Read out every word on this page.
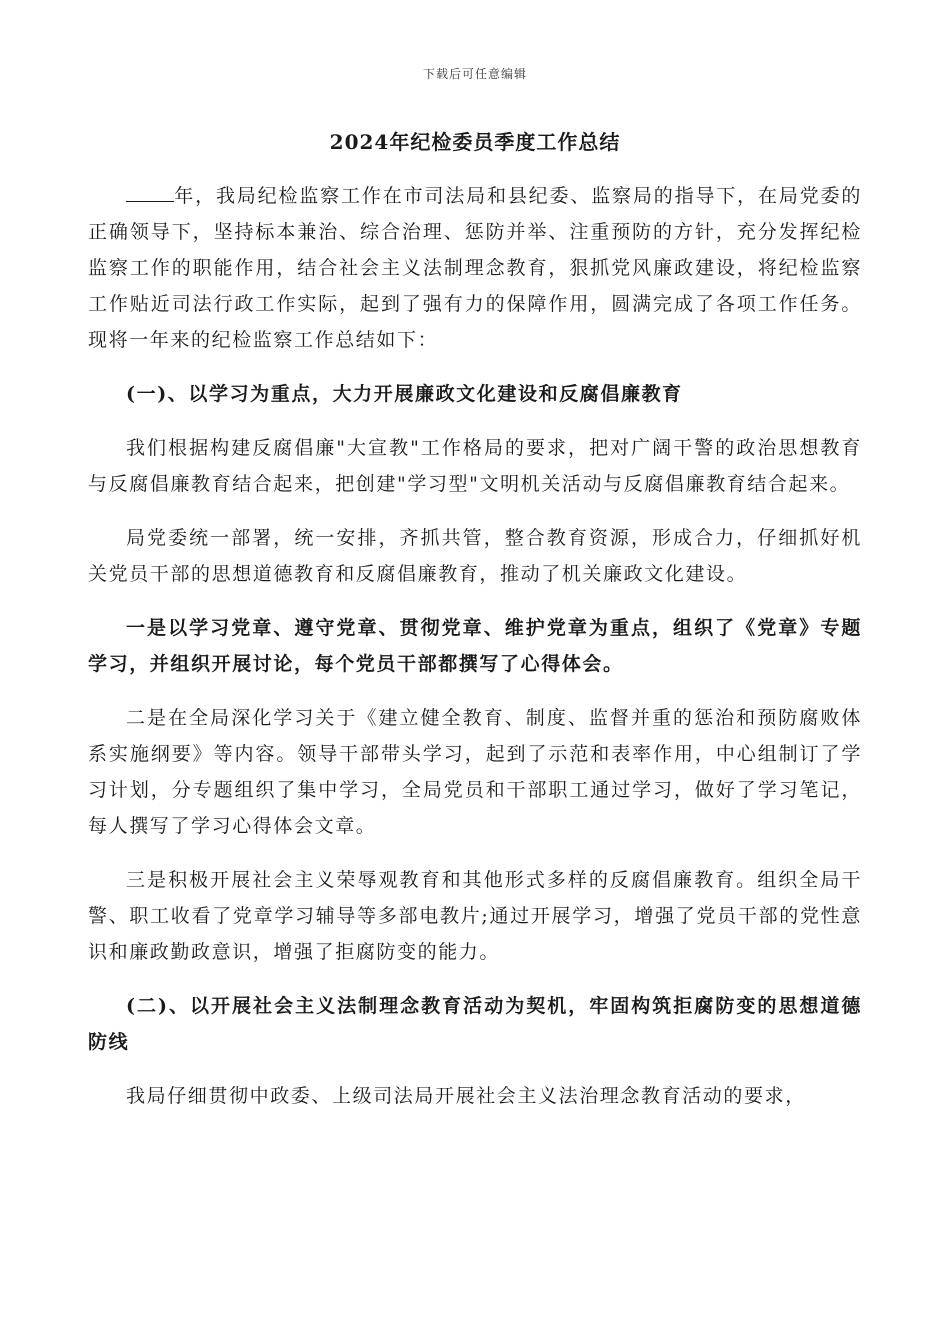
下载后可任意编辑
2024年纪检委员季度工作总结

年，我局纪检监察工作在市司法局和县纪委、监察局的指导下，在局党委的正确领导下，坚持标本兼治、综合治理、惩防并举、注重预防的方针，充分发挥纪检监察工作的职能作用，结合社会主义法制理念教育，狠抓党风廉政建设，将纪检监察工作贴近司法行政工作实际，起到了强有力的保障作用，圆满完成了各项工作任务。现将一年来的纪检监察工作总结如下：

(一)、以学习为重点，大力开展廉政文化建设和反腐倡廉教育

我们根据构建反腐倡廉"大宣教"工作格局的要求，把对广阔干警的政治思想教育与反腐倡廉教育结合起来，把创建"学习型"文明机关活动与反腐倡廉教育结合起来。

局党委统一部署，统一安排，齐抓共管，整合教育资源，形成合力，仔细抓好机关党员干部的思想道德教育和反腐倡廉教育，推动了机关廉政文化建设。

一是以学习党章、遵守党章、贯彻党章、维护党章为重点，组织了《党章》专题学习，并组织开展讨论，每个党员干部都撰写了心得体会。

二是在全局深化学习关于《建立健全教育、制度、监督并重的惩治和预防腐败体系实施纲要》等内容。领导干部带头学习，起到了示范和表率作用，中心组制订了学习计划，分专题组织了集中学习，全局党员和干部职工通过学习，做好了学习笔记，每人撰写了学习心得体会文章。

三是积极开展社会主义荣辱观教育和其他形式多样的反腐倡廉教育。组织全局干警、职工收看了党章学习辅导等多部电教片;通过开展学习，增强了党员干部的党性意识和廉政勤政意识，增强了拒腐防变的能力。

(二)、以开展社会主义法制理念教育活动为契机，牢固构筑拒腐防变的思想道德防线

我局仔细贯彻中政委、上级司法局开展社会主义法治理念教育活动的要求，
